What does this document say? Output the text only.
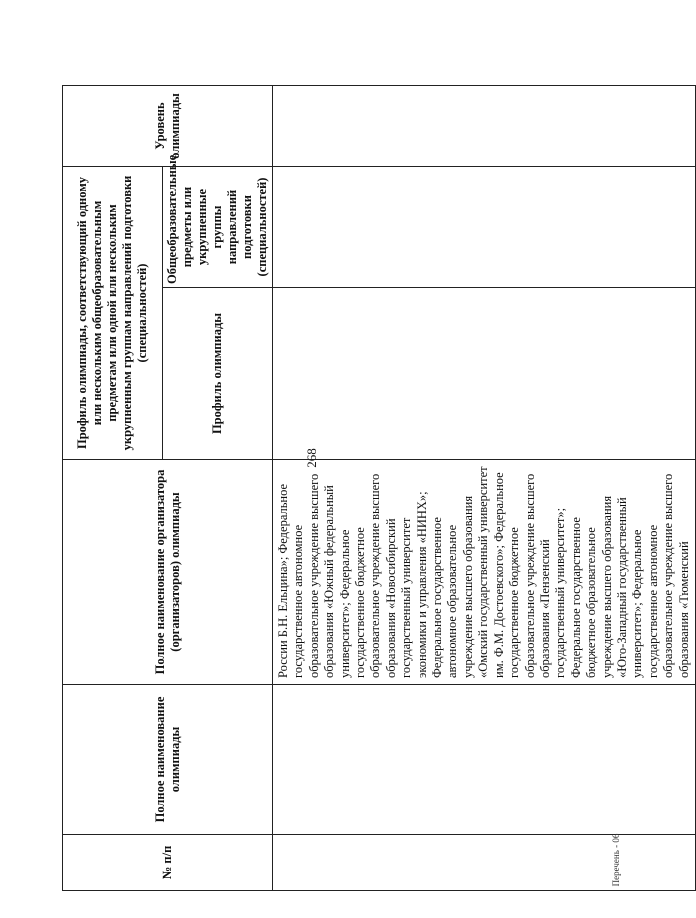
268
№ п/п	Полное наименование олимпиады	Полное наименование организатора (организаторов) олимпиады	Профиль олимпиады, соответствующий одному или нескольким общеобразовательным предметам или одной или нескольким укрупненным группам направлений подготовки (специальностей)		Уровень олимпиады
			Профиль олимпиады	Общеобразовательные предметы или укрупненные группы направлений подготовки (специальностей)	
		России Б.Н. Ельцина»; Федеральное государственное автономное образовательное учреждение высшего образования «Южный федеральный университет»; Федеральное государственное бюджетное образовательное учреждение высшего образования «Новосибирский государственный университет экономики и управления «НИНХ»; Федеральное государственное автономное образовательное учреждение высшего образования «Омский государственный университет им. Ф.М. Достоевского»; Федеральное государственное бюджетное образовательное учреждение высшего образования «Пензенский государственный университет»; Федеральное государственное бюджетное образовательное учреждение высшего образования «Юго-Западный государственный университет»; Федеральное государственное автономное образовательное учреждение высшего образования «Тюменский			
Перечень - 06
